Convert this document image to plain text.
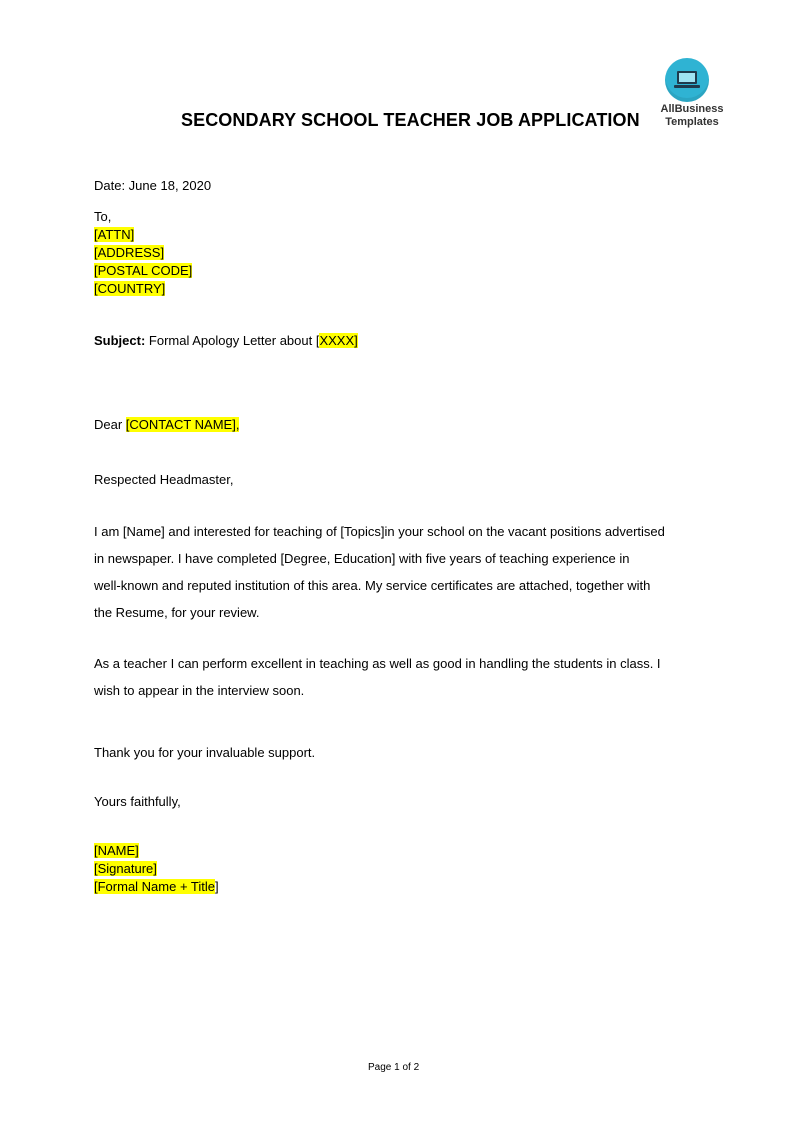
AllBusiness
Templates
SECONDARY SCHOOL TEACHER JOB APPLICATION
Date: June 18, 2020
To,
[ATTN]
[ADDRESS]
[POSTAL CODE]
[COUNTRY]
Subject: Formal Apology Letter about [XXXX]
Dear [CONTACT NAME],
Respected Headmaster,
I am [Name] and interested for teaching of [Topics]in your school on the vacant positions advertised
in newspaper. I have completed [Degree, Education] with five years of teaching experience in
well-known and reputed institution of this area. My service certificates are attached, together with
the Resume, for your review.
As a teacher I can perform excellent in teaching as well as good in handling the students in class. I
wish to appear in the interview soon.
Thank you for your invaluable support.
Yours faithfully,
[NAME]
[Signature]
[Formal Name + Title]
Page 1 of 2
